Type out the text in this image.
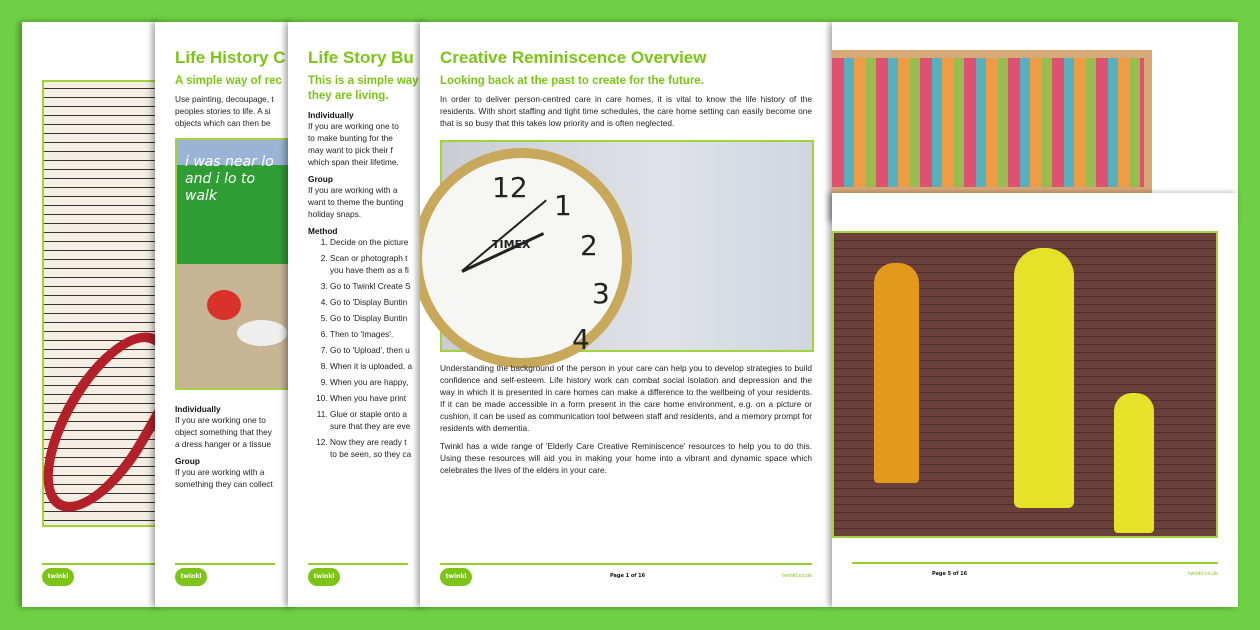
twinkl
Life History C
A simple way of rec
Use painting, decoupage, t
peoples stories to life. A si
objects which can then be
i was near lo and i lo to walk
Individually
If you are working one to
object something that they
a dress hanger or a tissue
Group
If you are working with a
something they can collect
twinkl
Life Story Bu
This is a simple way
they are living.
Individually
If you are working one to
to make bunting for the
may want to pick their f
which span their lifetime.
Group
If you are working with a
want to theme the bunting
holiday snaps.
Method
1. Decide on the picture
2. Scan or photograph t
you have them as a fi
3. Go to Twinkl Create S
4. Go to 'Display Buntin
5. Go to 'Display Buntin
6. Then to 'Images'.
7. Go to 'Upload', then u
8. When it is uploaded, a
9. When you are happy,
10. When you have print
11. Glue or staple onto a
sure that they are eve
12. Now they are ready t
to be seen, so they ca
twinkl
Creative Reminiscence Overview
Looking back at the past to create for the future.
In order to deliver person-centred care in care homes, it is vital to know the life history of the residents. With short staffing and tight time schedules, the care home setting can easily become one that is so busy that this takes low priority and is often neglected.
TIMEX
12
1
2
3
4
Understanding the background of the person in your care can help you to develop strategies to build confidence and self-esteem. Life history work can combat social isolation and depression and the way in which it is presented in care homes can make a difference to the wellbeing of your residents. If it can be made accessible in a form present in the care home environment, e.g. on a picture or cushion, it can be used as communication tool between staff and residents, and a memory prompt for residents with dementia.
Twinkl has a wide range of 'Elderly Care Creative Reminiscence' resources to help you to do this. Using these resources will aid you in making your home into a vibrant and dynamic space which celebrates the lives of the elders in your care.
twinkl	Page 1 of 16	twinkl.co.uk	Page 5 of 16	twinkl.co.uk
